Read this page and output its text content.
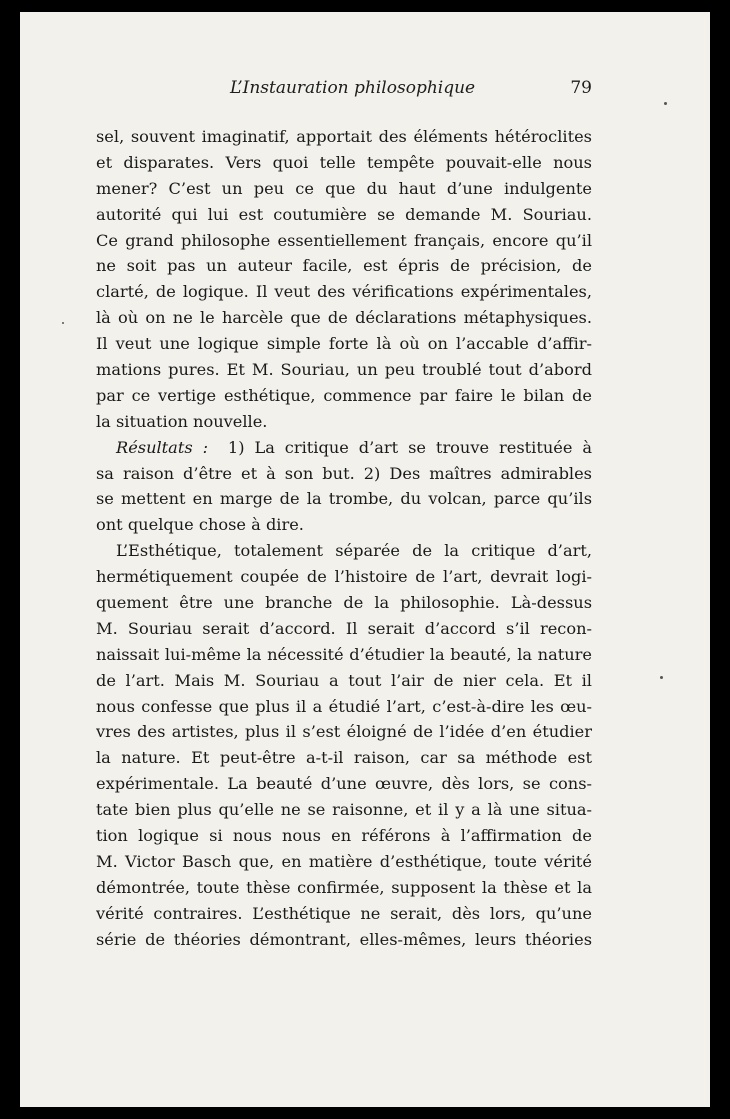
L’Instauration philosophique	79
sel, souvent imaginatif, apportait des éléments hétéroclites
et disparates. Vers quoi telle tempête pouvait-elle nous
mener? C’est un peu ce que du haut d’une indulgente
autorité qui lui est coutumière se demande M. Souriau.
Ce grand philosophe essentiellement français, encore qu’il
ne soit pas un auteur facile, est épris de précision, de
clarté, de logique. Il veut des vérifications expérimentales,
là où on ne le harcèle que de déclarations métaphysiques.
Il veut une logique simple forte là où on l’accable d’affir-
mations pures. Et M. Souriau, un peu troublé tout d’abord
par ce vertige esthétique, commence par faire le bilan de
la situation nouvelle.
Résultats : 1) La critique d’art se trouve restituée à
sa raison d’être et à son but. 2) Des maîtres admirables
se mettent en marge de la trombe, du volcan, parce qu’ils
ont quelque chose à dire.
L’Esthétique, totalement séparée de la critique d’art,
hermétiquement coupée de l’histoire de l’art, devrait logi-
quement être une branche de la philosophie. Là-dessus
M. Souriau serait d’accord. Il serait d’accord s’il recon-
naissait lui-même la nécessité d’étudier la beauté, la nature
de l’art. Mais M. Souriau a tout l’air de nier cela. Et il
nous confesse que plus il a étudié l’art, c’est-à-dire les œu-
vres des artistes, plus il s’est éloigné de l’idée d’en étudier
la nature. Et peut-être a-t-il raison, car sa méthode est
expérimentale. La beauté d’une œuvre, dès lors, se cons-
tate bien plus qu’elle ne se raisonne, et il y a là une situa-
tion logique si nous nous en référons à l’affirmation de
M. Victor Basch que, en matière d’esthétique, toute vérité
démontrée, toute thèse confirmée, supposent la thèse et la
vérité contraires. L’esthétique ne serait, dès lors, qu’une
série de théories démontrant, elles-mêmes, leurs théories
